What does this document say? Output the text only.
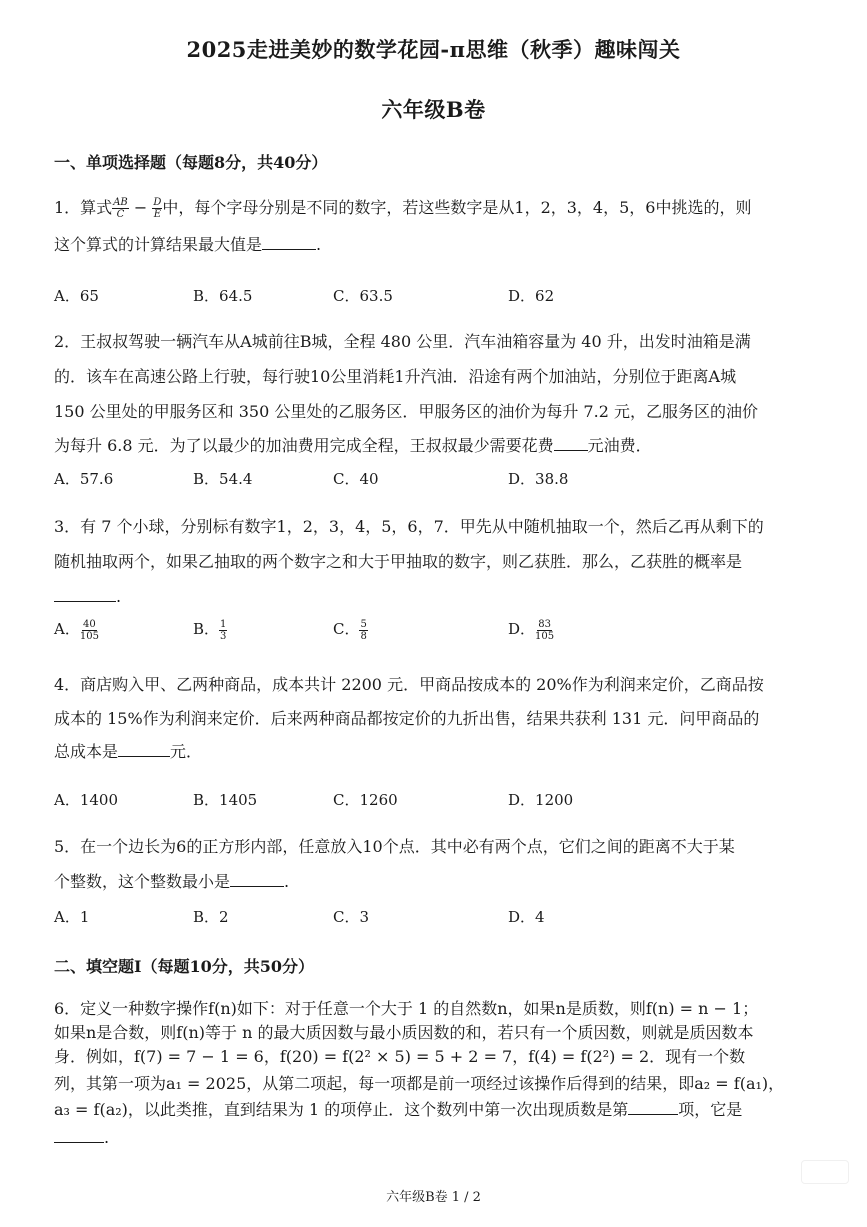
2025走进美妙的数学花园-π思维（秋季）趣味闯关
六年级B卷
一、单项选择题（每题8分，共40分）
1．算式 $\frac{AB}{C} - \frac{D}{E}$ 中，每个字母分别是不同的数字，若这些数字是从1，2，3，4，5，6中挑选的，则
这个算式的计算结果最大值是	.
A．65	B．64.5	C．63.5	D．62
2．王叔叔驾驶一辆汽车从A城前往B城，全程 480 公里．汽车油箱容量为 40 升，出发时油箱是满
的．该车在高速公路上行驶，每行驶10公里消耗1升汽油．沿途有两个加油站，分别位于距离A城
150 公里处的甲服务区和 350 公里处的乙服务区．甲服务区的油价为每升 7.2 元，乙服务区的油价
为每升 6.8 元．为了以最少的加油费用完成全程，王叔叔最少需要花费 元油费．
A．57.6	B．54.4	C．40	D．38.8
3．有 7 个小球，分别标有数字1，2，3，4，5，6，7．甲先从中随机抽取一个，然后乙再从剩下的
随机抽取两个，如果乙抽取的两个数字之和大于甲抽取的数字，则乙获胜．那么，乙获胜的概率是
.
A． $\frac{40}{105}$	B． $\frac{1}{3}$	C． $\frac{5}{8}$	D． $\frac{83}{105}$
4．商店购入甲、乙两种商品，成本共计 2200 元．甲商品按成本的 20%作为利润来定价，乙商品按
成本的 15%作为利润来定价．后来两种商品都按定价的九折出售，结果共获利 131 元．问甲商品的
总成本是	元．
A．1400	B．1405	C．1260	D．1200
5．在一个边长为6的正方形内部，任意放入10个点．其中必有两个点，它们之间的距离不大于某
个整数，这个整数最小是	.
A．1	B．2	C．3	D．4
二、填空题Ⅰ（每题10分，共50分）
6．定义一种数字操作f(n)如下：对于任意一个大于 1 的自然数n，如果n是质数，则f(n) = n − 1；
如果n是合数，则f(n)等于 n 的最大质因数与最小质因数的和，若只有一个质因数，则就是质因数本
身．例如，f(7) = 7 − 1 = 6，f(20) = f(2² × 5) = 5 + 2 = 7，f(4) = f(2²) = 2．现有一个数
列，其第一项为a₁ = 2025，从第二项起，每一项都是前一项经过该操作后得到的结果，即a₂ = f(a₁)，
a₃ = f(a₂)，以此类推，直到结果为 1 的项停止．这个数列中第一次出现质数是第	项，它是
.
六年级B卷 1 / 2
